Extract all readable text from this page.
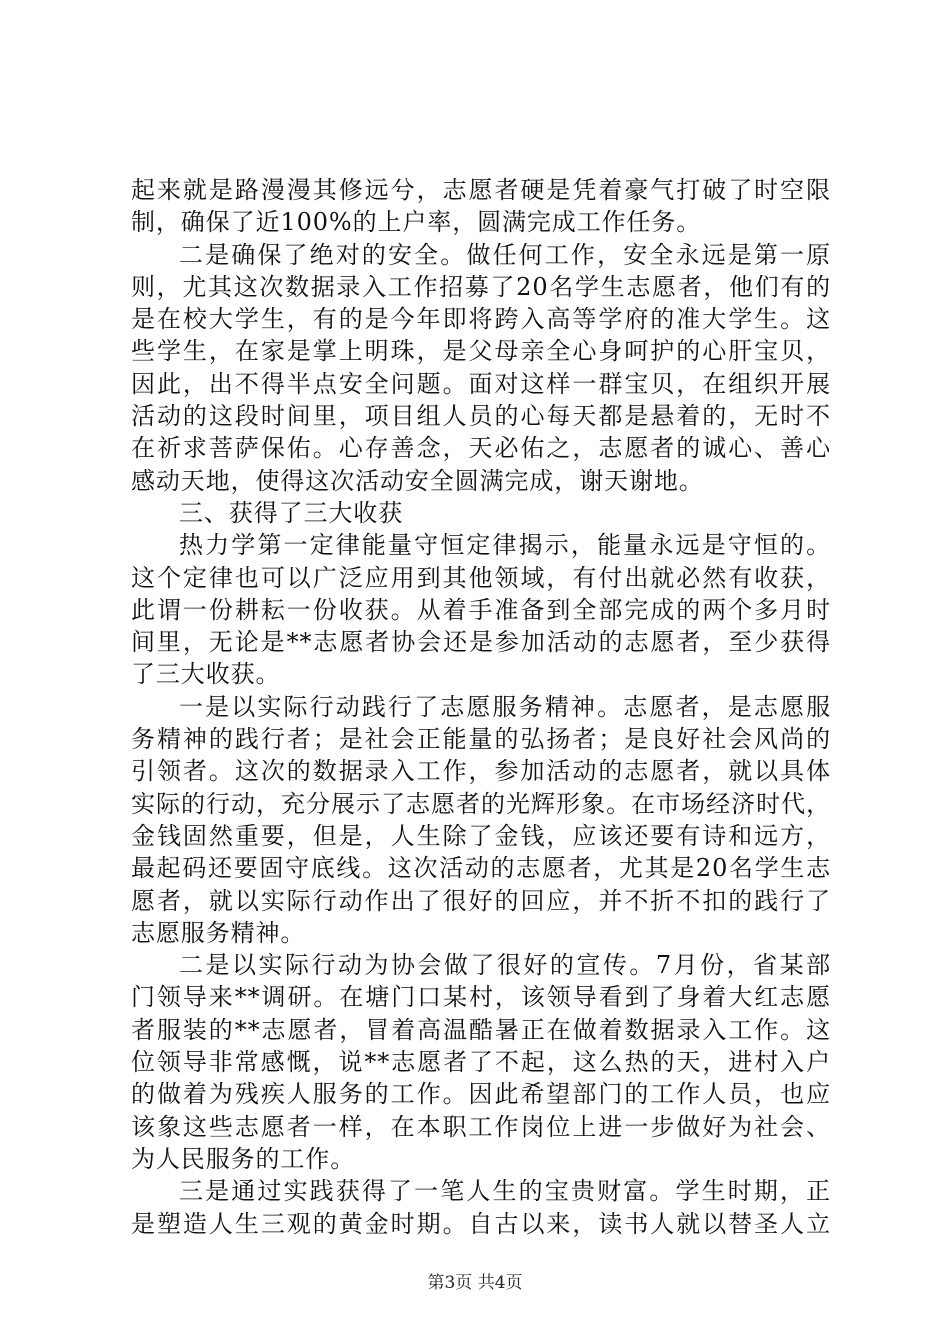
起来就是路漫漫其修远兮，志愿者硬是凭着豪气打破了时空限
制，确保了近100%的上户率，圆满完成工作任务。
二是确保了绝对的安全。做任何工作，安全永远是第一原
则，尤其这次数据录入工作招募了20名学生志愿者，他们有的
是在校大学生，有的是今年即将跨入高等学府的准大学生。这
些学生，在家是掌上明珠，是父母亲全心身呵护的心肝宝贝，
因此，出不得半点安全问题。面对这样一群宝贝，在组织开展
活动的这段时间里，项目组人员的心每天都是悬着的，无时不
在祈求菩萨保佑。心存善念，天必佑之，志愿者的诚心、善心
感动天地，使得这次活动安全圆满完成，谢天谢地。
三、获得了三大收获
热力学第一定律能量守恒定律揭示，能量永远是守恒的。
这个定律也可以广泛应用到其他领域，有付出就必然有收获，
此谓一份耕耘一份收获。从着手准备到全部完成的两个多月时
间里，无论是**志愿者协会还是参加活动的志愿者，至少获得
了三大收获。
一是以实际行动践行了志愿服务精神。志愿者，是志愿服
务精神的践行者；是社会正能量的弘扬者；是良好社会风尚的
引领者。这次的数据录入工作，参加活动的志愿者，就以具体
实际的行动，充分展示了志愿者的光辉形象。在市场经济时代，
金钱固然重要，但是，人生除了金钱，应该还要有诗和远方，
最起码还要固守底线。这次活动的志愿者，尤其是20名学生志
愿者，就以实际行动作出了很好的回应，并不折不扣的践行了
志愿服务精神。
二是以实际行动为协会做了很好的宣传。7月份，省某部
门领导来**调研。在塘门口某村，该领导看到了身着大红志愿
者服装的**志愿者，冒着高温酷暑正在做着数据录入工作。这
位领导非常感慨，说**志愿者了不起，这么热的天，进村入户
的做着为残疾人服务的工作。因此希望部门的工作人员，也应
该象这些志愿者一样，在本职工作岗位上进一步做好为社会、
为人民服务的工作。
三是通过实践获得了一笔人生的宝贵财富。学生时期，正
是塑造人生三观的黄金时期。自古以来，读书人就以替圣人立
第3页 共4页
